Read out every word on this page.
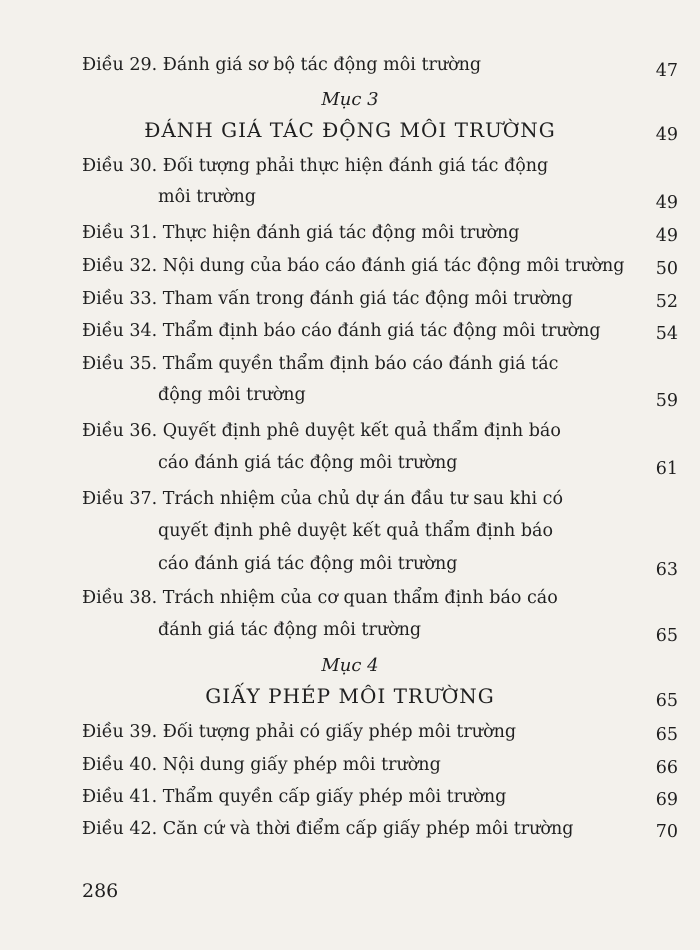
Điều 29. Đánh giá sơ bộ tác động môi trường	47
Mục 3
ĐÁNH GIÁ TÁC ĐỘNG MÔI TRƯỜNG	49
Điều 30. Đối tượng phải thực hiện đánh giá tác động
môi trường	49
Điều 31. Thực hiện đánh giá tác động môi trường	49
Điều 32. Nội dung của báo cáo đánh giá tác động môi trường	50
Điều 33. Tham vấn trong đánh giá tác động môi trường	52
Điều 34. Thẩm định báo cáo đánh giá tác động môi trường	54
Điều 35. Thẩm quyền thẩm định báo cáo đánh giá tác
động môi trường	59
Điều 36. Quyết định phê duyệt kết quả thẩm định báo
cáo đánh giá tác động môi trường	61
Điều 37. Trách nhiệm của chủ dự án đầu tư sau khi có
quyết định phê duyệt kết quả thẩm định báo
cáo đánh giá tác động môi trường	63
Điều 38. Trách nhiệm của cơ quan thẩm định báo cáo
đánh giá tác động môi trường	65
Mục 4
GIẤY PHÉP MÔI TRƯỜNG	65
Điều 39. Đối tượng phải có giấy phép môi trường	65
Điều 40. Nội dung giấy phép môi trường	66
Điều 41. Thẩm quyền cấp giấy phép môi trường	69
Điều 42. Căn cứ và thời điểm cấp giấy phép môi trường	70
286
